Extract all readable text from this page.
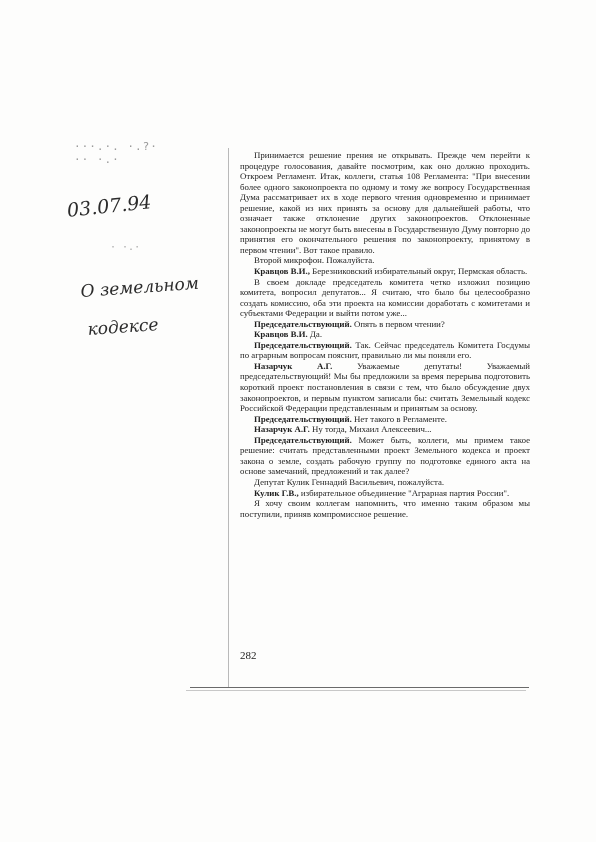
···.·. ·.?·
·· ·.·
03.07.94
· ·.·
О земельном
кодексе

Принимается решение прения не открывать. Прежде чем перейти к процедуре голосования, давайте посмотрим, как оно должно проходить. Откроем Регламент. Итак, коллеги, статья 108 Регламента: "При внесении более одного законопроекта по одному и тому же вопросу Государственная Дума рассматривает их в ходе первого чтения одновременно и принимает решение, какой из них принять за основу для дальнейшей работы, что означает также отклонение других законопроектов. Отклоненные законопроекты не могут быть внесены в Государственную Думу повторно до принятия его окончательного решения по законопроекту, принятому в первом чтении". Вот такое правило.

Второй микрофон. Пожалуйста.

Кравцов В.И., Березниковский избирательный округ, Пермская область.

В своем докладе председатель комитета четко изложил позицию комитета, вопросил депутатов... Я считаю, что было бы целесообразно создать комиссию, оба эти проекта на комиссии доработать с комитетами и субъектами Федерации и выйти потом уже...

Председательствующий. Опять в первом чтении?

Кравцов В.И. Да.

Председательствующий. Так. Сейчас председатель Комитета Госдумы по аграрным вопросам пояснит, правильно ли мы поняли его.

Назарчук А.Г. Уважаемые депутаты! Уважаемый председательствующий! Мы бы предложили за время перерыва подготовить короткий проект постановления в связи с тем, что было обсуждение двух законопроектов, и первым пунктом записали бы: считать Земельный кодекс Российской Федерации представленным и принятым за основу.

Председательствующий. Нет такого в Регламенте.

Назарчук А.Г. Ну тогда, Михаил Алексеевич...

Председательствующий. Может быть, коллеги, мы примем такое решение: считать представленными проект Земельного кодекса и проект закона о земле, создать рабочую группу по подготовке единого акта на основе замечаний, предложений и так далее?

Депутат Кулик Геннадий Васильевич, пожалуйста.

Кулик Г.В., избирательное объединение "Аграрная партия России".

Я хочу своим коллегам напомнить, что именно таким образом мы поступили, приняв компромиссное решение.

282
